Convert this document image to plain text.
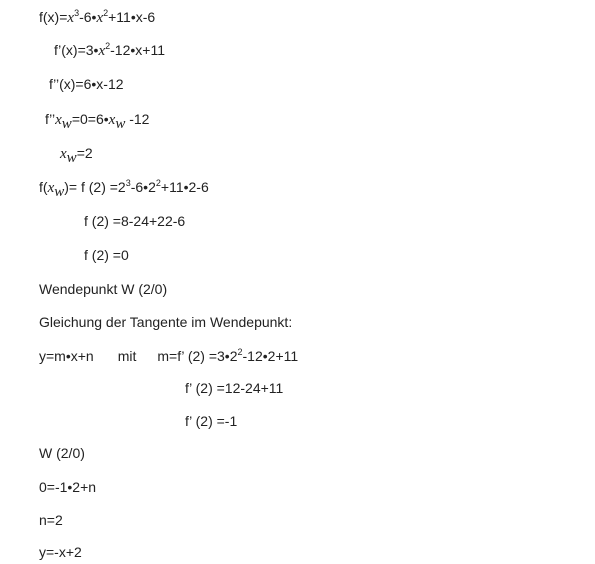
$f(x)=x^3-6•x^2+11•x-6$
$f’(x)=3•x^2-12•x+11$
f’’(x)=6•x-12
$f’’x_w=0=6•x_w$ -12
$x_w=2$
$f(x_w)= f$ $(2) =2^3-6•2^2+11•2-6$
f (2) =8-24+22-6
f (2) =0
Wendepunkt W (2/0)
Gleichung der Tangente im Wendepunkt:
y=m•x+n mit m=f’ $(2) =3•2^2-12•2+11$
f’ (2) =12-24+11
f’ (2) =-1
W (2/0)
0=-1•2+n
n=2
y=-x+2
